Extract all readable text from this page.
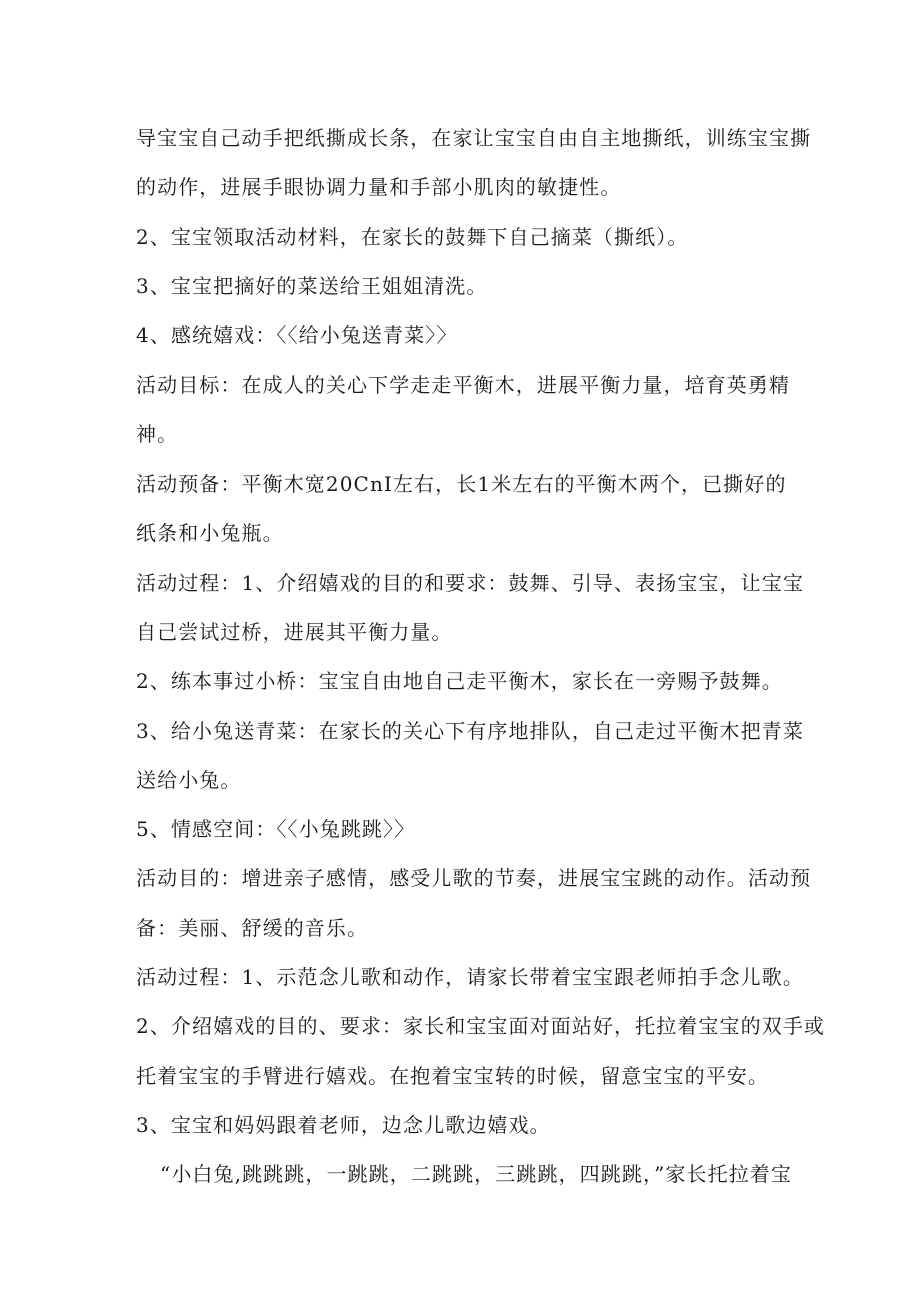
导宝宝自己动手把纸撕成长条，在家让宝宝自由自主地撕纸，训练宝宝撕
的动作，进展手眼协调力量和手部小肌肉的敏捷性。
2、宝宝领取活动材料，在家长的鼓舞下自己摘菜（撕纸）。
3、宝宝把摘好的菜送给王姐姐清洗。
4、感统嬉戏：〈〈给小兔送青菜〉〉
活动目标：在成人的关心下学走走平衡木，进展平衡力量，培育英勇精
神。
活动预备：平衡木宽20CnI左右，长1米左右的平衡木两个，已撕好的
纸条和小兔瓶。
活动过程：1、介绍嬉戏的目的和要求：鼓舞、引导、表扬宝宝，让宝宝
自己尝试过桥，进展其平衡力量。
2、练本事过小桥：宝宝自由地自己走平衡木，家长在一旁赐予鼓舞。
3、给小兔送青菜：在家长的关心下有序地排队，自己走过平衡木把青菜
送给小兔。
5、情感空间：〈〈小兔跳跳〉〉
活动目的：增进亲子感情，感受儿歌的节奏，进展宝宝跳的动作。活动预
备：美丽、舒缓的音乐。
活动过程：1、示范念儿歌和动作，请家长带着宝宝跟老师拍手念儿歌。
2、介绍嬉戏的目的、要求：家长和宝宝面对面站好，托拉着宝宝的双手或
托着宝宝的手臂进行嬉戏。在抱着宝宝转的时候，留意宝宝的平安。
3、宝宝和妈妈跟着老师，边念儿歌边嬉戏。
“小白兔,跳跳跳，一跳跳，二跳跳，三跳跳，四跳跳，”家长托拉着宝
